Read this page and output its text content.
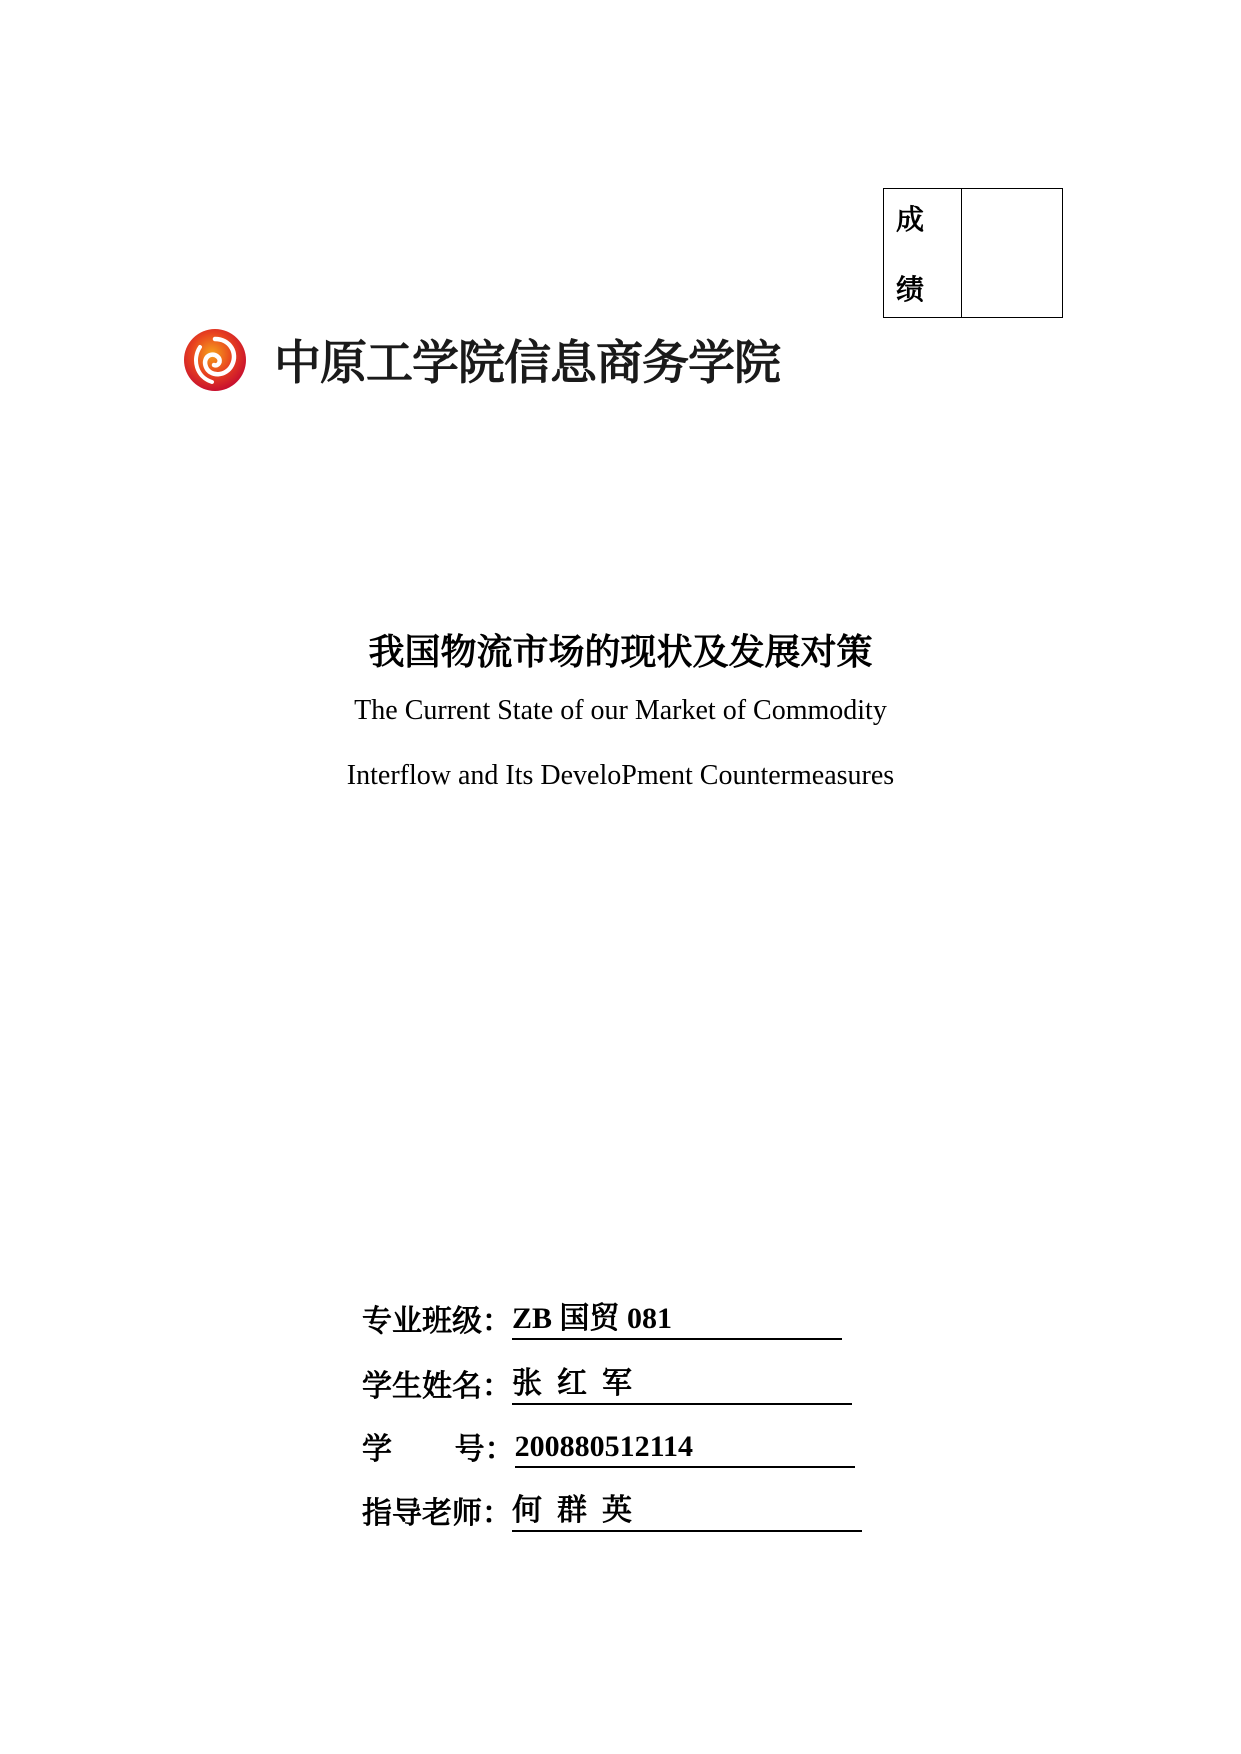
成
绩
中原工学院信息商务学院
我国物流市场的现状及发展对策
The Current State of our Market of Commodity
Interflow and Its DeveloPment Countermeasures
专业班级： ZB 国贸 081
学生姓名： 张  红  军
学      号： 200880512114
指导老师： 何  群  英
